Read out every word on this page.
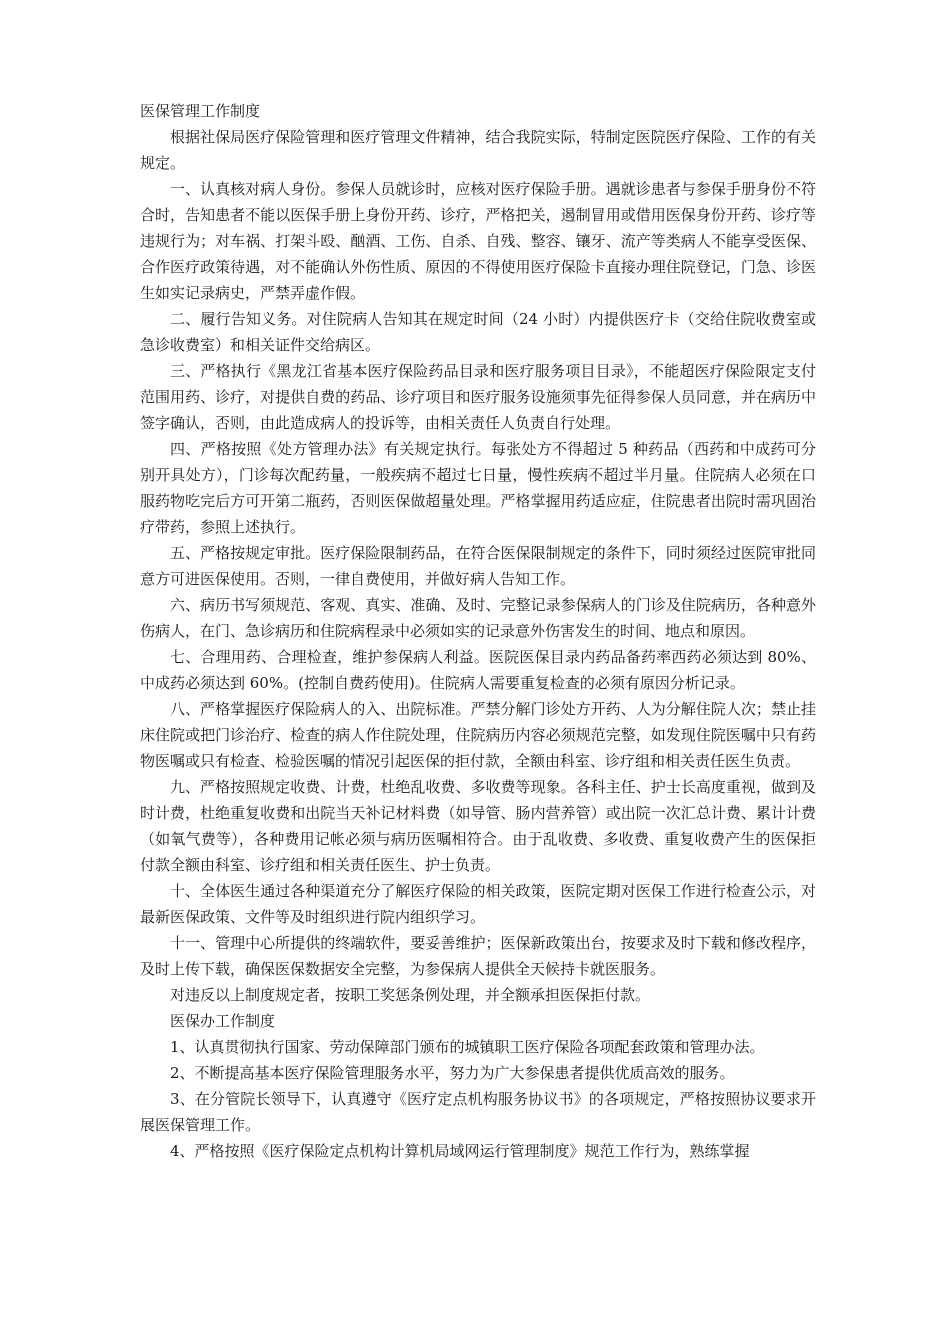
医保管理工作制度

根据社保局医疗保险管理和医疗管理文件精神，结合我院实际，特制定医院医疗保险、工作的有关规定。

一、认真核对病人身份。参保人员就诊时，应核对医疗保险手册。遇就诊患者与参保手册身份不符合时，告知患者不能以医保手册上身份开药、诊疗，严格把关，遏制冒用或借用医保身份开药、诊疗等违规行为；对车祸、打架斗殴、酗酒、工伤、自杀、自残、整容、镶牙、流产等类病人不能享受医保、合作医疗政策待遇，对不能确认外伤性质、原因的不得使用医疗保险卡直接办理住院登记，门急、诊医生如实记录病史，严禁弄虚作假。

二、履行告知义务。对住院病人告知其在规定时间（24 小时）内提供医疗卡（交给住院收费室或急诊收费室）和相关证件交给病区。

三、严格执行《黑龙江省基本医疗保险药品目录和医疗服务项目目录》，不能超医疗保险限定支付范围用药、诊疗，对提供自费的药品、诊疗项目和医疗服务设施须事先征得参保人员同意，并在病历中签字确认，否则，由此造成病人的投诉等，由相关责任人负责自行处理。

四、严格按照《处方管理办法》有关规定执行。每张处方不得超过 5 种药品（西药和中成药可分别开具处方），门诊每次配药量，一般疾病不超过七日量，慢性疾病不超过半月量。住院病人必须在口服药物吃完后方可开第二瓶药，否则医保做超量处理。严格掌握用药适应症，住院患者出院时需巩固治疗带药，参照上述执行。

五、严格按规定审批。医疗保险限制药品，在符合医保限制规定的条件下，同时须经过医院审批同意方可进医保使用。否则，一律自费使用，并做好病人告知工作。

六、病历书写须规范、客观、真实、准确、及时、完整记录参保病人的门诊及住院病历，各种意外伤病人，在门、急诊病历和住院病程录中必须如实的记录意外伤害发生的时间、地点和原因。

七、合理用药、合理检查，维护参保病人利益。医院医保目录内药品备药率西药必须达到 80%、中成药必须达到 60%。(控制自费药使用)。住院病人需要重复检查的必须有原因分析记录。

八、严格掌握医疗保险病人的入、出院标准。严禁分解门诊处方开药、人为分解住院人次；禁止挂床住院或把门诊治疗、检查的病人作住院处理，住院病历内容必须规范完整，如发现住院医嘱中只有药物医嘱或只有检查、检验医嘱的情况引起医保的拒付款，全额由科室、诊疗组和相关责任医生负责。

九、严格按照规定收费、计费，杜绝乱收费、多收费等现象。各科主任、护士长高度重视，做到及时计费，杜绝重复收费和出院当天补记材料费（如导管、肠内营养管）或出院一次汇总计费、累计计费（如氧气费等），各种费用记帐必须与病历医嘱相符合。由于乱收费、多收费、重复收费产生的医保拒付款全额由科室、诊疗组和相关责任医生、护士负责。

十、全体医生通过各种渠道充分了解医疗保险的相关政策，医院定期对医保工作进行检查公示，对最新医保政策、文件等及时组织进行院内组织学习。

十一、管理中心所提供的终端软件，要妥善维护；医保新政策出台，按要求及时下载和修改程序，及时上传下载，确保医保数据安全完整，为参保病人提供全天候持卡就医服务。

对违反以上制度规定者，按职工奖惩条例处理，并全额承担医保拒付款。

医保办工作制度

1、认真贯彻执行国家、劳动保障部门颁布的城镇职工医疗保险各项配套政策和管理办法。

2、不断提高基本医疗保险管理服务水平，努力为广大参保患者提供优质高效的服务。

3、在分管院长领导下，认真遵守《医疗定点机构服务协议书》的各项规定，严格按照协议要求开展医保管理工作。

4、严格按照《医疗保险定点机构计算机局域网运行管理制度》规范工作行为，熟练掌握
